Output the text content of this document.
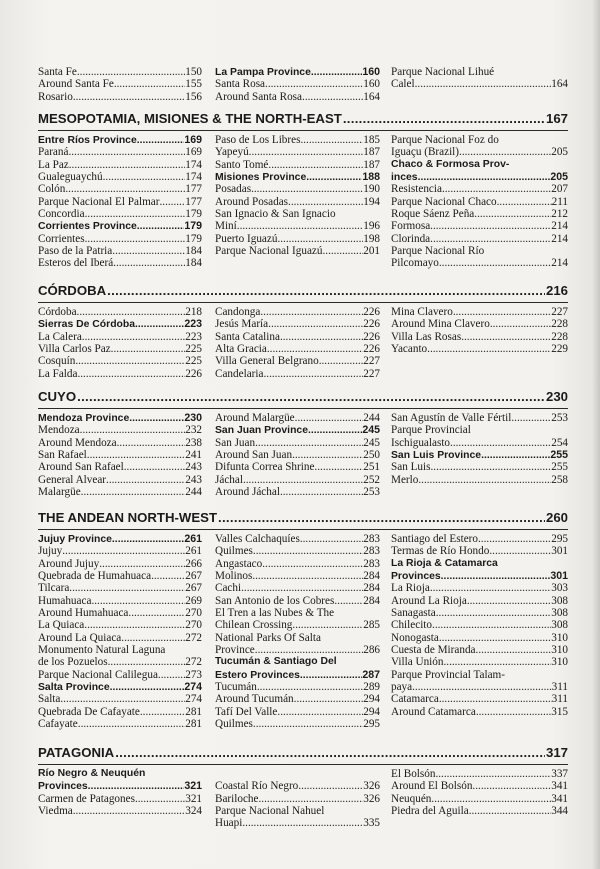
Santa Fe .....	150
Around Santa Fe .....	155
Rosario .....	156
La Pampa Province .....	160
Santa Rosa .....	160
Around Santa Rosa .....	164
Parque Nacional Lihué
Calel .....	164
MESOPOTAMIA, MISIONES & THE NORTH-EAST .....	167
Entre Ríos Province .....	169
Paraná .....	169
La Paz .....	174
Gualeguaychú .....	174
Colón .....	177
Parque Nacional El Palmar ..... 177
Concordia .....	179
Corrientes Province .....	179
Corrientes .....	179
Paso de la Patria .....	184
Esteros del Iberá .....	184
Paso de Los Libres .....	185
Yapeyú .....	187
Santo Tomé .....	187
Misiones Province .....	188
Posadas .....	190
Around Posadas .....	194
San Ignacio & San Ignacio
Miní .....	196
Puerto Iguazú .....	198
Parque Nacional Iguazú .....	201
Parque Nacional Foz do
Iguaçu (Brazil) .....	205
Chaco & Formosa Prov-
inces .....	205
Resistencia .....	207
Parque Nacional Chaco .....	211
Roque Sáenz Peña .....	212
Formosa .....	214
Clorinda .....	214
Parque Nacional Río
Pilcomayo .....	214
CÓRDOBA .....	216
Córdoba .....	218
Sierras De Córdoba .....	223
La Calera .....	223
Villa Carlos Paz .....	225
Cosquín .....	225
La Falda .....	226
Candonga .....	226
Jesús María .....	226
Santa Catalina .....	226
Alta Gracia .....	226
Villa General Belgrano .....	227
Candelaria .....	227
Mina Clavero .....	227
Around Mina Clavero .....	228
Villa Las Rosas .....	228
Yacanto .....	229
CUYO .....	230
Mendoza Province .....	230
Mendoza .....	232
Around Mendoza .....	238
San Rafael .....	241
Around San Rafael .....	243
General Alvear .....	243
Malargüe .....	244
Around Malargüe .....	244
San Juan Province .....	245
San Juan .....	245
Around San Juan .....	250
Difunta Correa Shrine .....	251
Jáchal .....	252
Around Jáchal .....	253
San Agustín de Valle Fértil .....	253
Parque Provincial
Ischigualasto .....	254
San Luis Province .....	255
San Luis .....	255
Merlo .....	258
THE ANDEAN NORTH-WEST .....	260
Jujuy Province .....	261
Jujuy .....	261
Around Jujuy .....	266
Quebrada de Humahuaca .....	267
Tilcara .....	267
Humahuaca .....	269
Around Humahuaca .....	270
La Quiaca .....	270
Around La Quiaca .....	272
Monumento Natural Laguna
de los Pozuelos .....	272
Parque Nacional Calilegua ..... 273
Salta Province .....	274
Salta .....	274
Quebrada De Cafayate .....	281
Cafayate .....	281
Valles Calchaquíes .....	283
Quilmes .....	283
Angastaco .....	283
Molinos .....	284
Cachi .....	284
San Antonio de los Cobres .....	284
El Tren a las Nubes & The
Chilean Crossing .....	285
National Parks Of Salta
Province .....	286
Tucumán & Santiago Del
Estero Provinces .....	287
Tucumán .....	289
Around Tucumán .....	294
Tafí Del Valle .....	294
Quilmes .....	295
Santiago del Estero .....	295
Termas de Río Hondo .....	301
La Rioja & Catamarca
Provinces .....	301
La Rioja .....	303
Around La Rioja .....	308
Sanagasta .....	308
Chilecito .....	308
Nonogasta .....	310
Cuesta de Miranda .....	310
Villa Unión .....	310
Parque Provincial Talam-
paya .....	311
Catamarca .....	311
Around Catamarca .....	315
PATAGONIA .....	317
Río Negro & Neuquén
Provinces .....	321
Carmen de Patagones .....	321
Viedma .....	324
Coastal Río Negro .....	326
Bariloche .....	326
Parque Nacional Nahuel
Huapi .....	335
El Bolsón .....	337
Around El Bolsón .....	341
Neuquén .....	341
Piedra del Aguila .....	344
